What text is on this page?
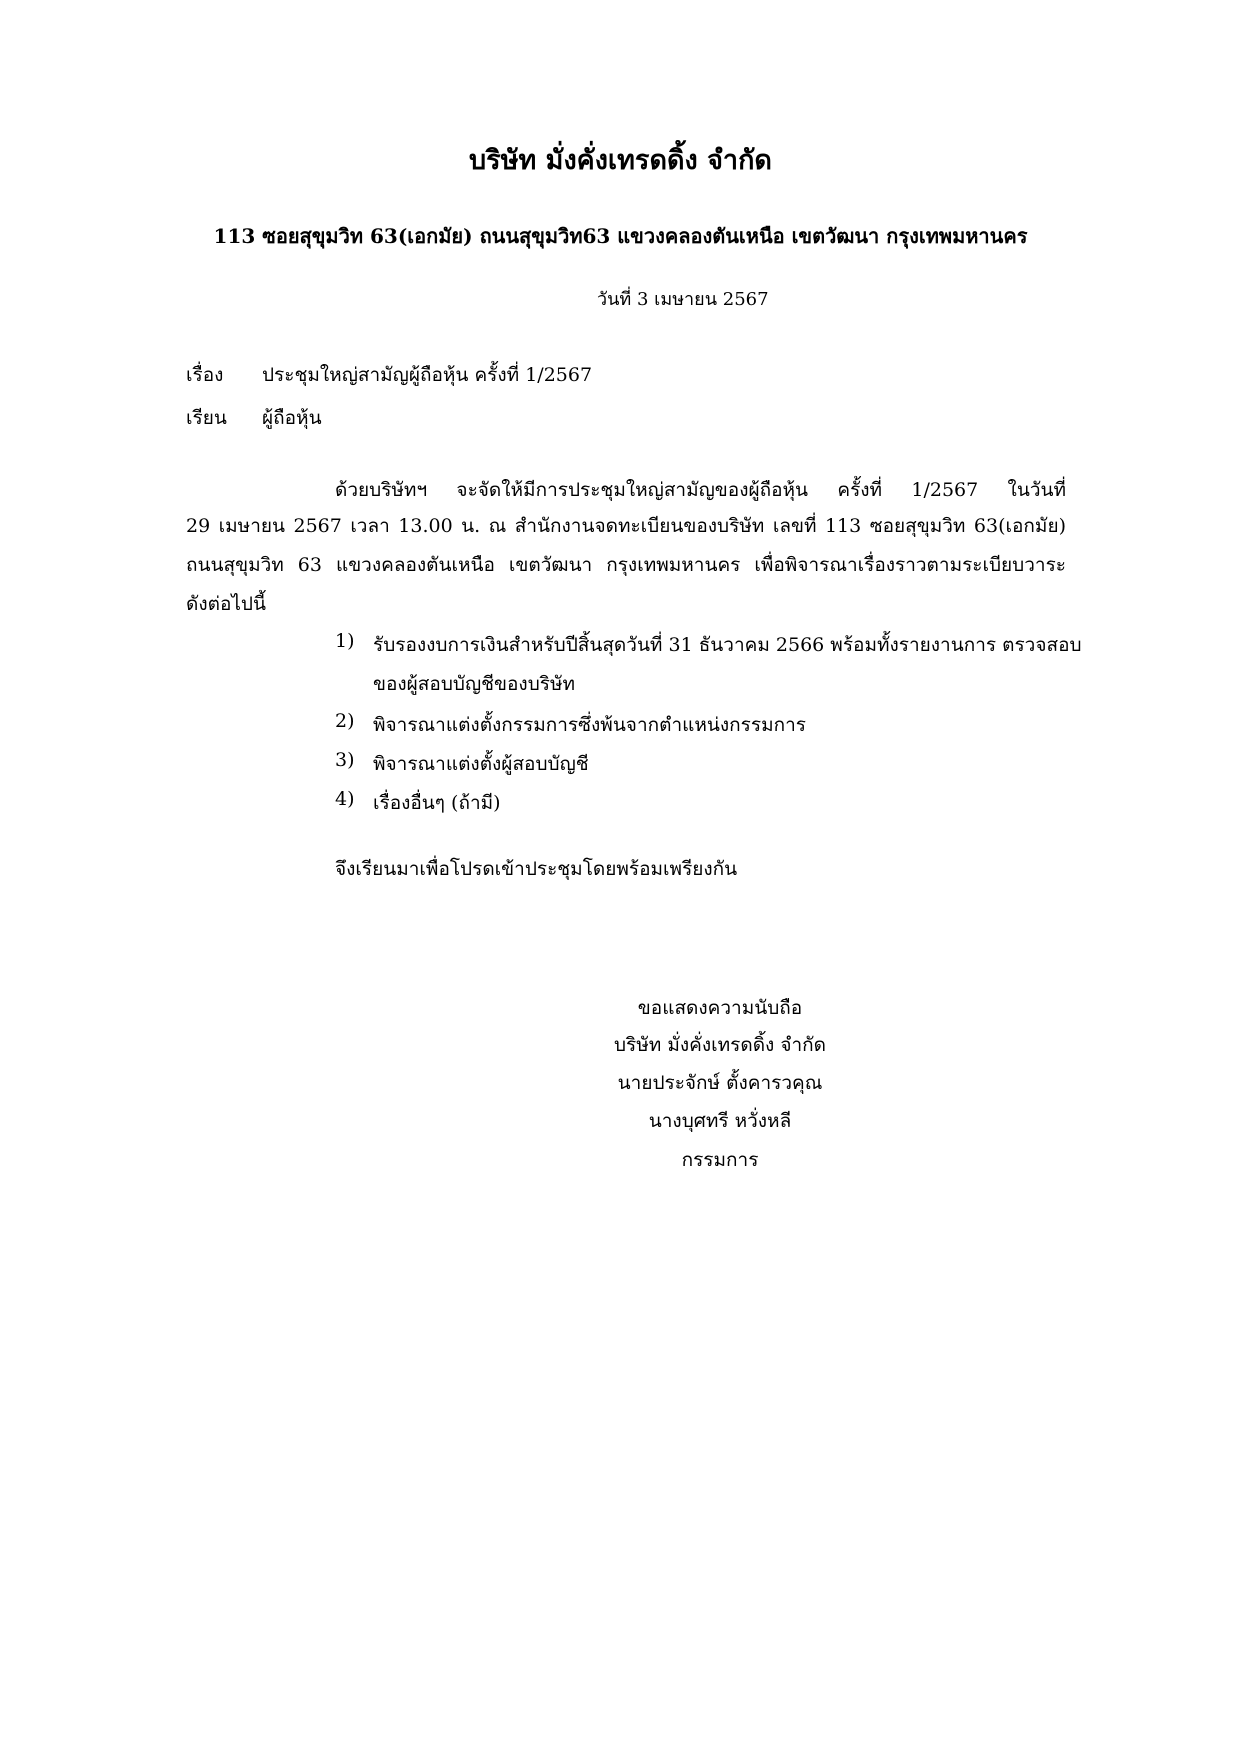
บริษัท มั่งคั่งเทรดดิ้ง จำกัด
113 ซอยสุขุมวิท 63(เอกมัย) ถนนสุขุมวิท63 แขวงคลองตันเหนือ เขตวัฒนา กรุงเทพมหานคร
วันที่ 3 เมษายน 2567
เรื่อง ประชุมใหญ่สามัญผู้ถือหุ้น ครั้งที่ 1/2567
เรียน ผู้ถือหุ้น
ด้วยบริษัทฯ จะจัดให้มีการประชุมใหญ่สามัญของผู้ถือหุ้น ครั้งที่ 1/2567 ในวันที่
29 เมษายน 2567 เวลา 13.00 น. ณ สำนักงานจดทะเบียนของบริษัท เลขที่ 113 ซอยสุขุมวิท 63(เอกมัย)
ถนนสุขุมวิท 63 แขวงคลองตันเหนือ เขตวัฒนา กรุงเทพมหานคร เพื่อพิจารณาเรื่องราวตามระเบียบวาระ
ดังต่อไปนี้
1) รับรองงบการเงินสำหรับปีสิ้นสุดวันที่ 31 ธันวาคม 2566 พร้อมทั้งรายงานการ ตรวจสอบ
ของผู้สอบบัญชีของบริษัท
2) พิจารณาแต่งตั้งกรรมการซึ่งพ้นจากตำแหน่งกรรมการ
3) พิจารณาแต่งตั้งผู้สอบบัญชี
4) เรื่องอื่นๆ (ถ้ามี)
จึงเรียนมาเพื่อโปรดเข้าประชุมโดยพร้อมเพรียงกัน
ขอแสดงความนับถือ
บริษัท มั่งคั่งเทรดดิ้ง จำกัด
นายประจักษ์ ตั้งคารวคุณ
นางบุศทรี หวั่งหลี
กรรมการ
